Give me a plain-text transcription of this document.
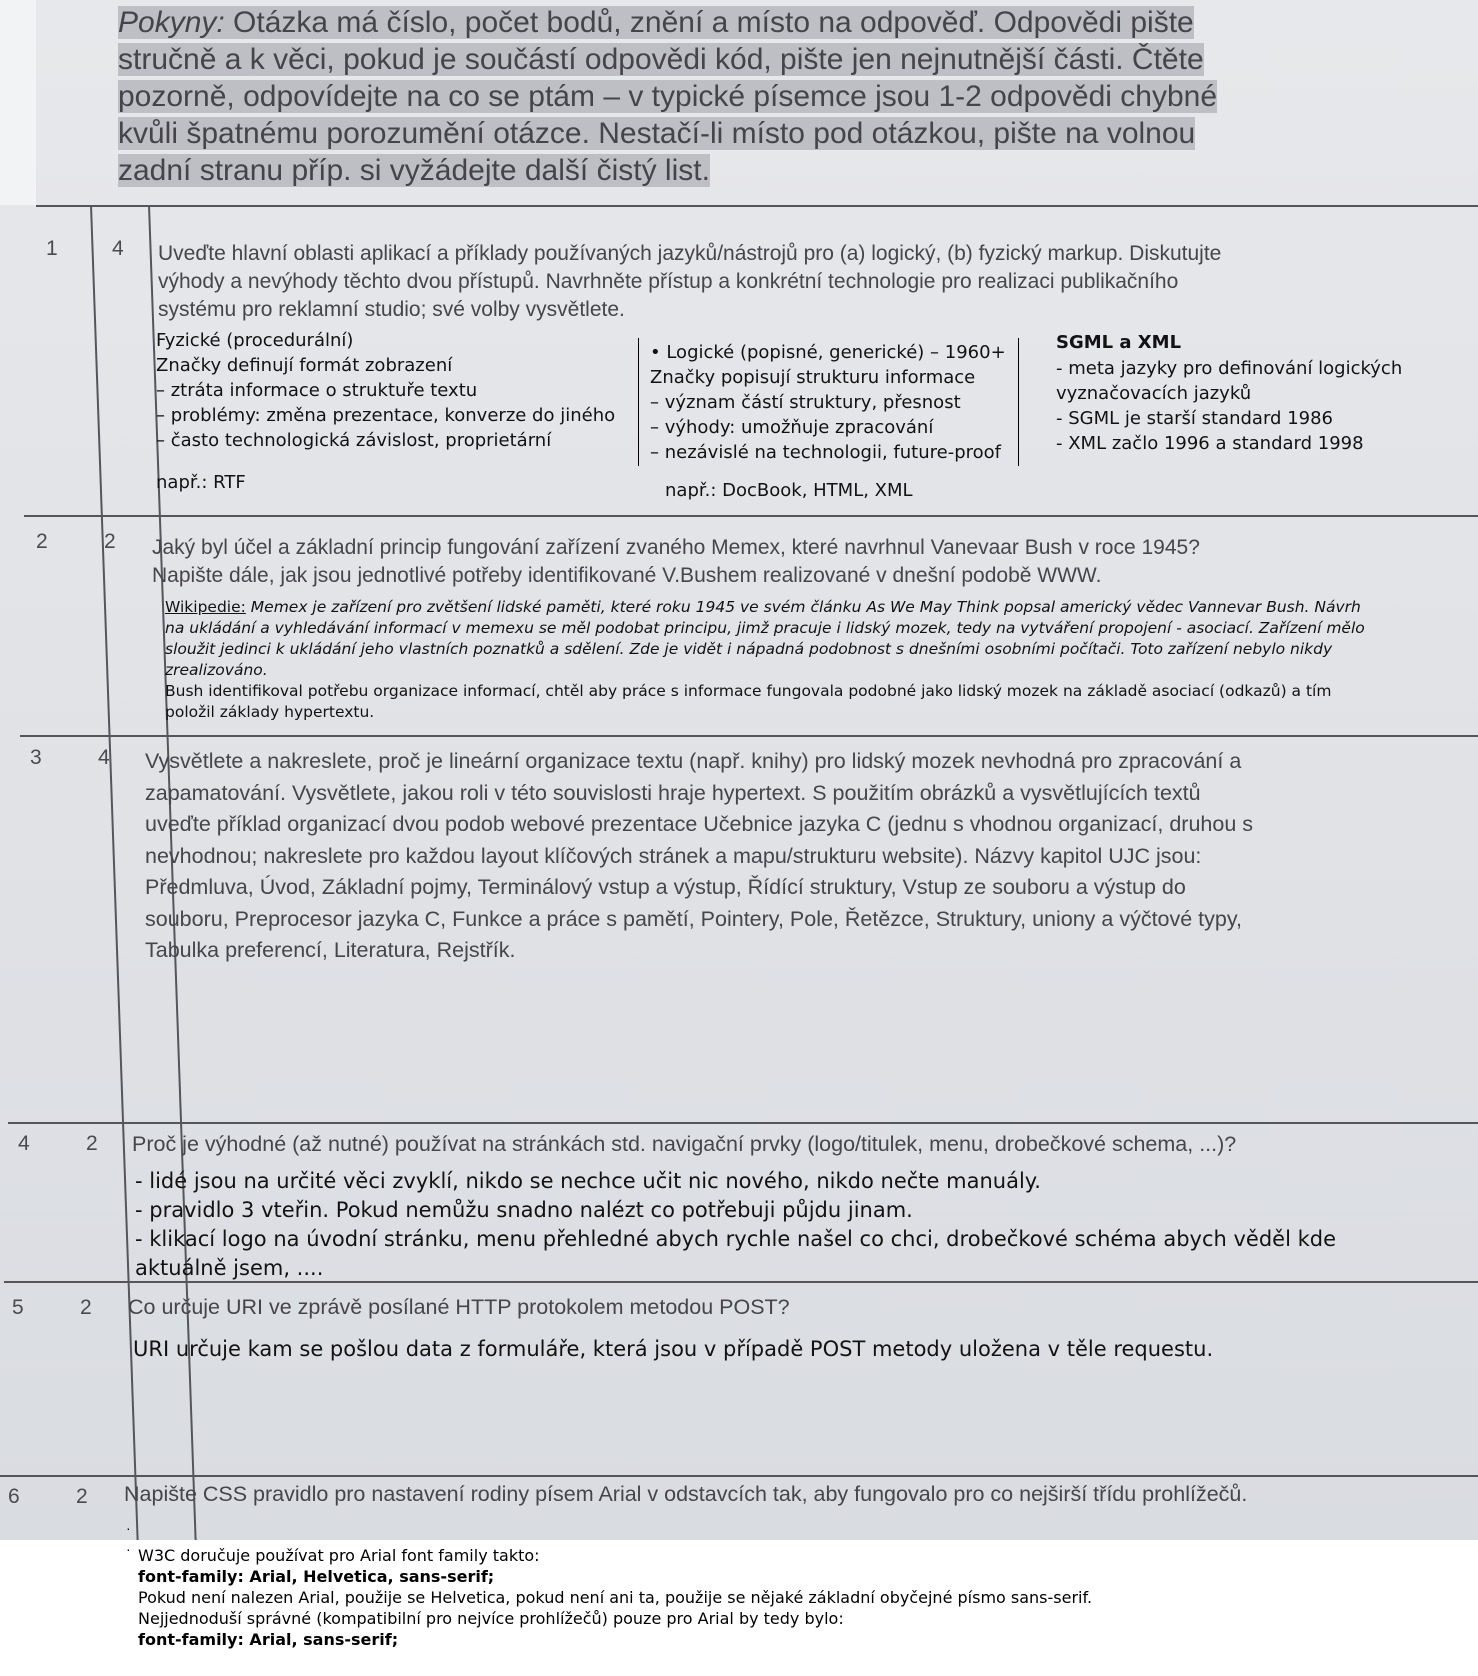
Pokyny: Otázka má číslo, počet bodů, znění a místo na odpověď. Odpovědi pište
stručně a k věci, pokud je součástí odpovědi kód, pište jen nejnutnější části. Čtěte
pozorně, odpovídejte na co se ptám – v typické písemce jsou 1-2 odpovědi chybné
kvůli špatnému porozumění otázce. Nestačí-li místo pod otázkou, pište na volnou
zadní stranu příp. si vyžádejte další čistý list.
1	4 Uveďte hlavní oblasti aplikací a příklady používaných jazyků/nástrojů pro (a) logický, (b) fyzický markup. Diskutujte
výhody a nevýhody těchto dvou přístupů. Navrhněte přístup a konkrétní technologie pro realizaci publikačního
systému pro reklamní studio; své volby vysvětlete.
Fyzické (procedurální)
Značky definují formát zobrazení
– ztráta informace o struktuře textu
– problémy: změna prezentace, konverze do jiného
– často technologická závislost, proprietární
např.: RTF
• Logické (popisné, generické) – 1960+
Značky popisují strukturu informace
– význam částí struktury, přesnost
– výhody: umožňuje zpracování
– nezávislé na technologii, future-proof
např.: DocBook, HTML, XML
SGML a XML
- meta jazyky pro definování logických
vyznačovacích jazyků
- SGML je starší standard 1986
- XML začlo 1996 a standard 1998
2	2 Jaký byl účel a základní princip fungování zařízení zvaného Memex, které navrhnul Vanevaar Bush v roce 1945?
Napište dále, jak jsou jednotlivé potřeby identifikované V.Bushem realizované v dnešní podobě WWW.
Wikipedie: Memex je zařízení pro zvětšení lidské paměti, které roku 1945 ve svém článku As We May Think popsal americký vědec Vannevar Bush. Návrh
na ukládání a vyhledávání informací v memexu se měl podobat principu, jimž pracuje i lidský mozek, tedy na vytváření propojení - asociací. Zařízení mělo
sloužit jedinci k ukládání jeho vlastních poznatků a sdělení. Zde je vidět i nápadná podobnost s dnešními osobními počítači. Toto zařízení nebylo nikdy
zrealizováno.
Bush identifikoval potřebu organizace informací, chtěl aby práce s informace fungovala podobné jako lidský mozek na základě asociací (odkazů) a tím
položil základy hypertextu.
3	4 Vysvětlete a nakreslete, proč je lineární organizace textu (např. knihy) pro lidský mozek nevhodná pro zpracování a
zapamatování. Vysvětlete, jakou roli v této souvislosti hraje hypertext. S použitím obrázků a vysvětlujících textů
uveďte příklad organizací dvou podob webové prezentace Učebnice jazyka C (jednu s vhodnou organizací, druhou s
nevhodnou; nakreslete pro každou layout klíčových stránek a mapu/strukturu website). Názvy kapitol UJC jsou:
Předmluva, Úvod, Základní pojmy, Terminálový vstup a výstup, Řídící struktury, Vstup ze souboru a výstup do
souboru, Preprocesor jazyka C, Funkce a práce s pamětí, Pointery, Pole, Řetězce, Struktury, uniony a výčtové typy,
Tabulka preferencí, Literatura, Rejstřík.
4	2 Proč je výhodné (až nutné) používat na stránkách std. navigační prvky (logo/titulek, menu, drobečkové schema, ...)?
- lidé jsou na určité věci zvyklí, nikdo se nechce učit nic nového, nikdo nečte manuály.
- pravidlo 3 vteřin. Pokud nemůžu snadno nalézt co potřebuji půjdu jinam.
- klikací logo na úvodní stránku, menu přehledné abych rychle našel co chci, drobečkové schéma abych věděl kde
aktuálně jsem, ....
5	2 Co určuje URI ve zprávě posílané HTTP protokolem metodou POST?
URI určuje kam se pošlou data z formuláře, která jsou v případě POST metody uložena v těle requestu.
6	2 Napište CSS pravidlo pro nastavení rodiny písem Arial v odstavcích tak, aby fungovalo pro co nejširší třídu prohlížečů.
·
· W3C doručuje používat pro Arial font family takto:
font-family: Arial, Helvetica, sans-serif;
Pokud není nalezen Arial, použije se Helvetica, pokud není ani ta, použije se nějaké základní obyčejné písmo sans-serif.
Nejjednoduší správné (kompatibilní pro nejvíce prohlížečů) pouze pro Arial by tedy bylo:
font-family: Arial, sans-serif;
